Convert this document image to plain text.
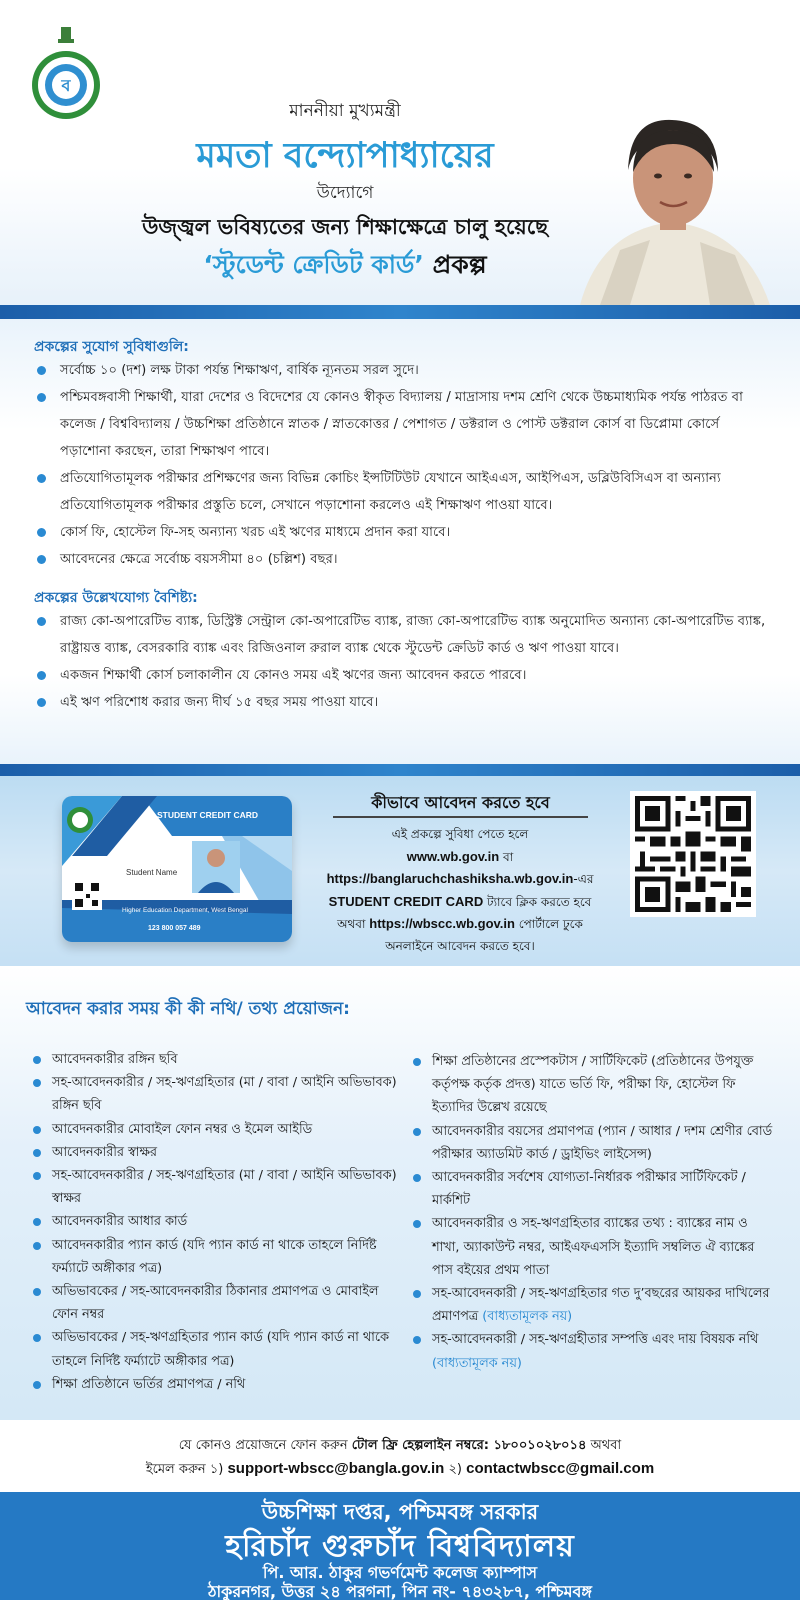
ব
মাননীয়া মুখ্যমন্ত্রী
মমতা বন্দ্যোপাধ্যায়ের
উদ্যোগে
উজ্জ্বল ভবিষ্যতের জন্য শিক্ষাক্ষেত্রে চালু হয়েছে
‘স্টুডেন্ট ক্রেডিট কার্ড’ প্রকল্প
প্রকল্পের সুযোগ সুবিধাগুলি:
সর্বোচ্চ ১০ (দশ) লক্ষ টাকা পর্যন্ত শিক্ষাঋণ, বার্ষিক ন্যূনতম সরল সুদে।
পশ্চিমবঙ্গবাসী শিক্ষার্থী, যারা দেশের ও বিদেশের যে কোনও স্বীকৃত বিদ্যালয় / মাদ্রাসায় দশম শ্রেণি থেকে উচ্চমাধ্যমিক পর্যন্ত পাঠরত বা কলেজ / বিশ্ববিদ্যালয় / উচ্চশিক্ষা প্রতিষ্ঠানে স্নাতক / স্নাতকোত্তর / পেশাগত / ডক্টরাল ও পোস্ট ডক্টরাল কোর্স বা ডিপ্লোমা কোর্সে পড়াশোনা করছেন, তারা শিক্ষাঋণ পাবে।
প্রতিযোগিতামূলক পরীক্ষার প্রশিক্ষণের জন্য বিভিন্ন কোচিং ইন্সটিটিউট যেখানে আইএএস, আইপিএস, ডব্লিউবিসিএস বা অন্যান্য প্রতিযোগিতামূলক পরীক্ষার প্রস্তুতি চলে, সেখানে পড়াশোনা করলেও এই শিক্ষাঋণ পাওয়া যাবে।
কোর্স ফি, হোস্টেল ফি-সহ অন্যান্য খরচ এই ঋণের মাধ্যমে প্রদান করা যাবে।
আবেদনের ক্ষেত্রে সর্বোচ্চ বয়সসীমা ৪০ (চল্লিশ) বছর।
প্রকল্পের উল্লেখযোগ্য বৈশিষ্ট্য:
রাজ্য কো-অপারেটিভ ব্যাঙ্ক, ডিস্ট্রিক্ট সেন্ট্রাল কো-অপারেটিভ ব্যাঙ্ক, রাজ্য কো-অপারেটিভ ব্যাঙ্ক অনুমোদিত অন্যান্য কো-অপারেটিভ ব্যাঙ্ক, রাষ্ট্রায়ত্ত ব্যাঙ্ক, বেসরকারি ব্যাঙ্ক এবং রিজিওনাল রুরাল ব্যাঙ্ক থেকে স্টুডেন্ট ক্রেডিট কার্ড ও ঋণ পাওয়া যাবে।
একজন শিক্ষার্থী কোর্স চলাকালীন যে কোনও সময় এই ঋণের জন্য আবেদন করতে পারবে।
এই ঋণ পরিশোধ করার জন্য দীর্ঘ ১৫ বছর সময় পাওয়া যাবে।
STUDENT CREDIT CARD
Student Name
Higher Education Department, West Bengal
123 800 057 489
কীভাবে আবেদন করতে হবে
এই প্রকল্পে সুবিধা পেতে হলে
www.wb.gov.in বা
https://banglaruchchashiksha.wb.gov.in-এর
STUDENT CREDIT CARD ট্যাবে ক্লিক করতে হবে
অথবা https://wbscc.wb.gov.in পোর্টালে ঢুকে
অনলাইনে আবেদন করতে হবে।
আবেদন করার সময় কী কী নথি/ তথ্য প্রয়োজন:
আবেদনকারীর রঙ্গিন ছবি
সহ-আবেদনকারীর / সহ-ঋণগ্রহিতার (মা / বাবা / আইনি অভিভাবক) রঙ্গিন ছবি
আবেদনকারীর মোবাইল ফোন নম্বর ও ইমেল আইডি
আবেদনকারীর স্বাক্ষর
সহ-আবেদনকারীর / সহ-ঋণগ্রহিতার (মা / বাবা / আইনি অভিভাবক) স্বাক্ষর
আবেদনকারীর আধার কার্ড
আবেদনকারীর প্যান কার্ড (যদি প্যান কার্ড না থাকে তাহলে নির্দিষ্ট ফর্ম্যাটে অঙ্গীকার পত্র)
অভিভাবকের / সহ-আবেদনকারীর ঠিকানার প্রমাণপত্র ও মোবাইল ফোন নম্বর
অভিভাবকের / সহ-ঋণগ্রহিতার প্যান কার্ড (যদি প্যান কার্ড না থাকে তাহলে নির্দিষ্ট ফর্ম্যাটে অঙ্গীকার পত্র)
শিক্ষা প্রতিষ্ঠানে ভর্তির প্রমাণপত্র / নথি
শিক্ষা প্রতিষ্ঠানের প্রস্পেকটাস / সার্টিফিকেট (প্রতিষ্ঠানের উপযুক্ত কর্তৃপক্ষ কর্তৃক প্রদত্ত) যাতে ভর্তি ফি, পরীক্ষা ফি, হোস্টেল ফি ইত্যাদির উল্লেখ রয়েছে
আবেদনকারীর বয়সের প্রমাণপত্র (প্যান / আধার / দশম শ্রেণীর বোর্ড পরীক্ষার অ্যাডমিট কার্ড / ড্রাইভিং লাইসেন্স)
আবেদনকারীর সর্বশেষ যোগ্যতা-নির্ধারক পরীক্ষার সার্টিফিকেট / মার্কশিট
আবেদনকারীর ও সহ-ঋণগ্রহিতার ব্যাঙ্কের তথ্য : ব্যাঙ্কের নাম ও শাখা, অ্যাকাউন্ট নম্বর, আইএফএসসি ইত্যাদি সম্বলিত ঐ ব্যাঙ্কের পাস বইয়ের প্রথম পাতা
সহ-আবেদনকারী / সহ-ঋণগ্রহিতার গত দু’বছরের আয়কর দাখিলের প্রমাণপত্র (বাধ্যতামূলক নয়)
সহ-আবেদনকারী / সহ-ঋণগ্রহীতার সম্পত্তি এবং দায় বিষয়ক নথি (বাধ্যতামূলক নয়)
যে কোনও প্রয়োজনে ফোন করুন টোল ফ্রি হেল্পলাইন নম্বরে: ১৮০০১০২৮০১৪ অথবা
ইমেল করুন ১) support-wbscc@bangla.gov.in ২) contactwbscc@gmail.com
উচ্চশিক্ষা দপ্তর, পশ্চিমবঙ্গ সরকার
হরিচাঁদ গুরুচাঁদ বিশ্ববিদ্যালয়
পি. আর. ঠাকুর গভর্ণমেন্ট কলেজ ক্যাম্পাস
ঠাকুরনগর, উত্তর ২৪ পরগনা, পিন নং- ৭৪৩২৮৭, পশ্চিমবঙ্গ
